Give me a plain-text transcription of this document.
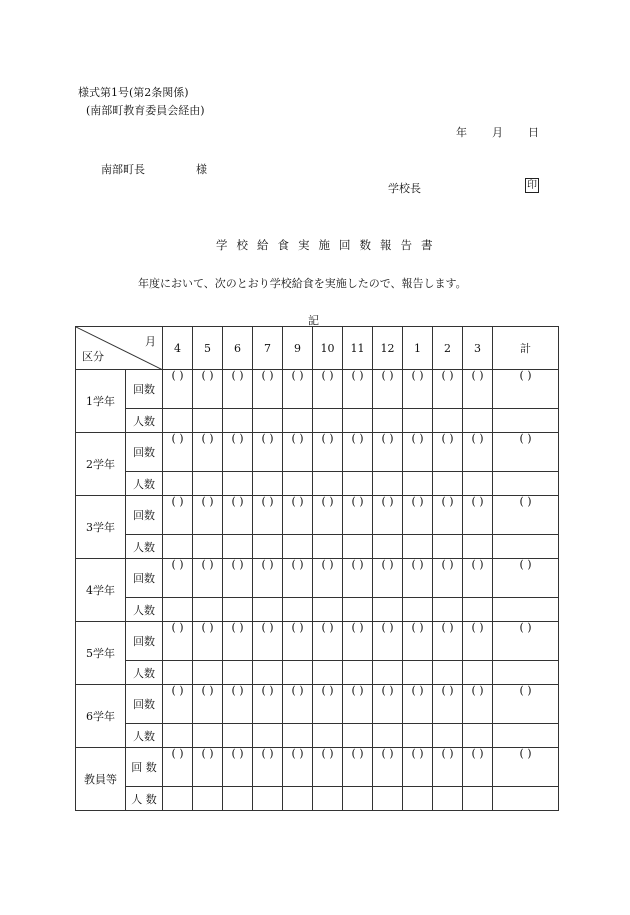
様式第1号(第2条関係)
(南部町教育委員会経由)
年 月 日
南部町長	様
学校長	印
学校給食実施回数報告書
年度において、次のとおり学校給食を実施したので、報告します。
記
月
区分		4	5	6	7	9	10	11	12	1	2	3	計
1学年	回数	( )	( )	( )	( )	( )	( )	( )	( )	( )	( )	( )	( )
	人数												
2学年	回数	( )	( )	( )	( )	( )	( )	( )	( )	( )	( )	( )	( )
	人数												
3学年	回数	( )	( )	( )	( )	( )	( )	( )	( )	( )	( )	( )	( )
	人数												
4学年	回数	( )	( )	( )	( )	( )	( )	( )	( )	( )	( )	( )	( )
	人数												
5学年	回数	( )	( )	( )	( )	( )	( )	( )	( )	( )	( )	( )	( )
	人数												
6学年	回数	( )	( )	( )	( )	( )	( )	( )	( )	( )	( )	( )	( )
	人数												
教員等	回 数	( )	( )	( )	( )	( )	( )	( )	( )	( )	( )	( )	( )
	人 数												
